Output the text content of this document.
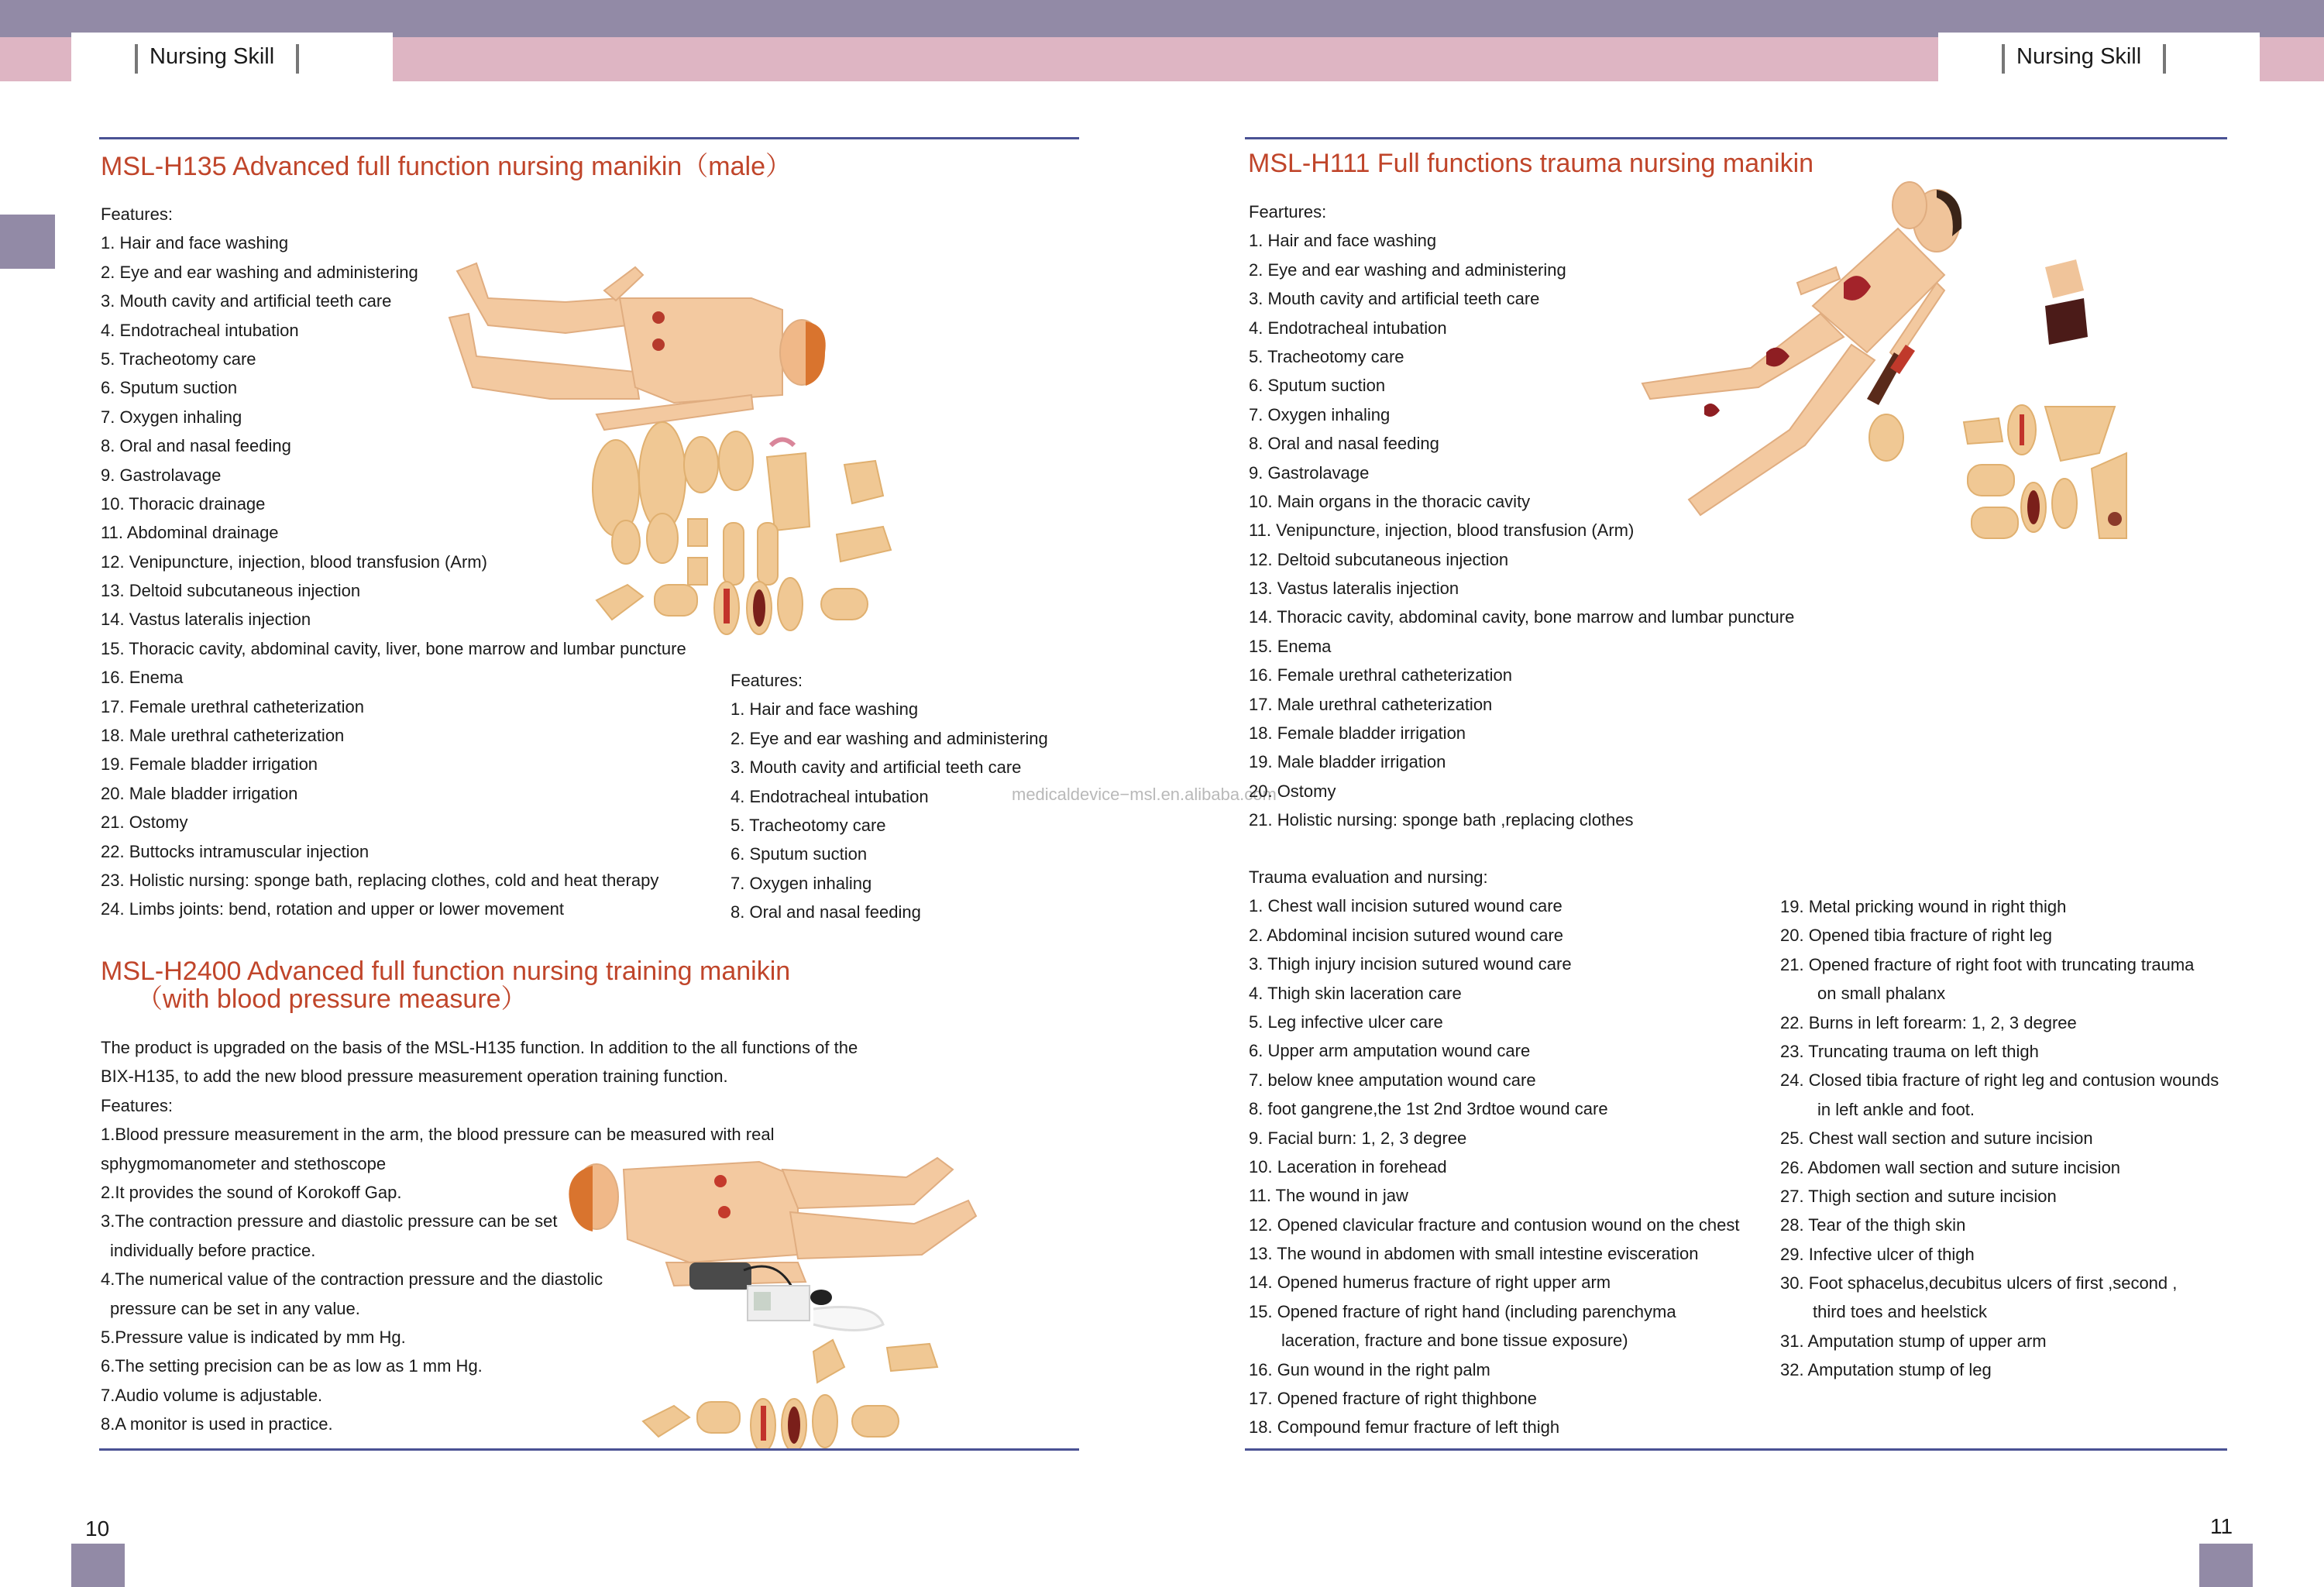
Nursing Skill	Nursing Skill
MSL-H135 Advanced full function nursing manikin（male）
Features:
1. Hair and face washing
2. Eye and ear washing and administering
3. Mouth cavity and artificial teeth care
4. Endotracheal intubation
5. Tracheotomy care
6. Sputum suction
7. Oxygen inhaling
8. Oral and nasal feeding
9. Gastrolavage
10. Thoracic drainage
11. Abdominal drainage
12. Venipuncture, injection, blood transfusion (Arm)
13. Deltoid subcutaneous injection
14. Vastus lateralis injection
15. Thoracic cavity, abdominal cavity, liver, bone marrow and lumbar puncture
16. Enema
17. Female urethral catheterization
18. Male urethral catheterization
19. Female bladder irrigation
20. Male bladder irrigation
21. Ostomy
22. Buttocks intramuscular injection
23. Holistic nursing: sponge bath, replacing clothes, cold and heat therapy
24. Limbs joints: bend, rotation and upper or lower movement
Features:
1. Hair and face washing
2. Eye and ear washing and administering
3. Mouth cavity and artificial teeth care
4. Endotracheal intubation
5. Tracheotomy care
6. Sputum suction
7. Oxygen inhaling
8. Oral and nasal feeding
medicaldevice−msl.en.alibaba.com
MSL-H2400 Advanced full function nursing training manikin
（with blood pressure measure）
The product is upgraded on the basis of the MSL-H135 function. In addition to the all functions of the
BIX-H135, to add the new blood pressure measurement operation training function.
Features:
1.Blood pressure measurement in the arm, the blood pressure can be measured with real
sphygmomanometer and stethoscope
2.It provides the sound of Korokoff Gap.
3.The contraction pressure and diastolic pressure can be set
individually before practice.
4.The numerical value of the contraction pressure and the diastolic
pressure can be set in any value.
5.Pressure value is indicated by mm Hg.
6.The setting precision can be as low as 1 mm Hg.
7.Audio volume is adjustable.
8.A monitor is used in practice.
10
MSL-H111 Full functions trauma nursing manikin
Feartures:
1. Hair and face washing
2. Eye and ear washing and administering
3. Mouth cavity and artificial teeth care
4. Endotracheal intubation
5. Tracheotomy care
6. Sputum suction
7. Oxygen inhaling
8. Oral and nasal feeding
9. Gastrolavage
10. Main organs in the thoracic cavity
11. Venipuncture, injection, blood transfusion (Arm)
12. Deltoid subcutaneous injection
13. Vastus lateralis injection
14. Thoracic cavity, abdominal cavity, bone marrow and lumbar puncture
15. Enema
16. Female urethral catheterization
17. Male urethral catheterization
18. Female bladder irrigation
19. Male bladder irrigation
20. Ostomy
21. Holistic nursing: sponge bath ,replacing clothes
Trauma evaluation and nursing:
1. Chest wall incision sutured wound care
2. Abdominal incision sutured wound care
3. Thigh injury incision sutured wound care
4. Thigh skin laceration care
5. Leg infective ulcer care
6. Upper arm amputation wound care
7. below knee amputation wound care
8. foot gangrene,the 1st 2nd 3rdtoe wound care
9. Facial burn: 1, 2, 3 degree
10. Laceration in forehead
11. The wound in jaw
12. Opened clavicular fracture and contusion wound on the chest
13. The wound in abdomen with small intestine evisceration
14. Opened humerus fracture of right upper arm
15. Opened fracture of right hand (including parenchyma
laceration, fracture and bone tissue exposure)
16. Gun wound in the right palm
17. Opened fracture of right thighbone
18. Compound femur fracture of left thigh
19. Metal pricking wound in right thigh
20. Opened tibia fracture of right leg
21. Opened fracture of right foot with truncating trauma
on small phalanx
22. Burns in left forearm: 1, 2, 3 degree
23. Truncating trauma on left thigh
24. Closed tibia fracture of right leg and contusion wounds
in left ankle and foot.
25. Chest wall section and suture incision
26. Abdomen wall section and suture incision
27. Thigh section and suture incision
28. Tear of the thigh skin
29. Infective ulcer of thigh
30. Foot sphacelus,decubitus ulcers of first ,second ,
third toes and heelstick
31. Amputation stump of upper arm
32. Amputation stump of leg
11
